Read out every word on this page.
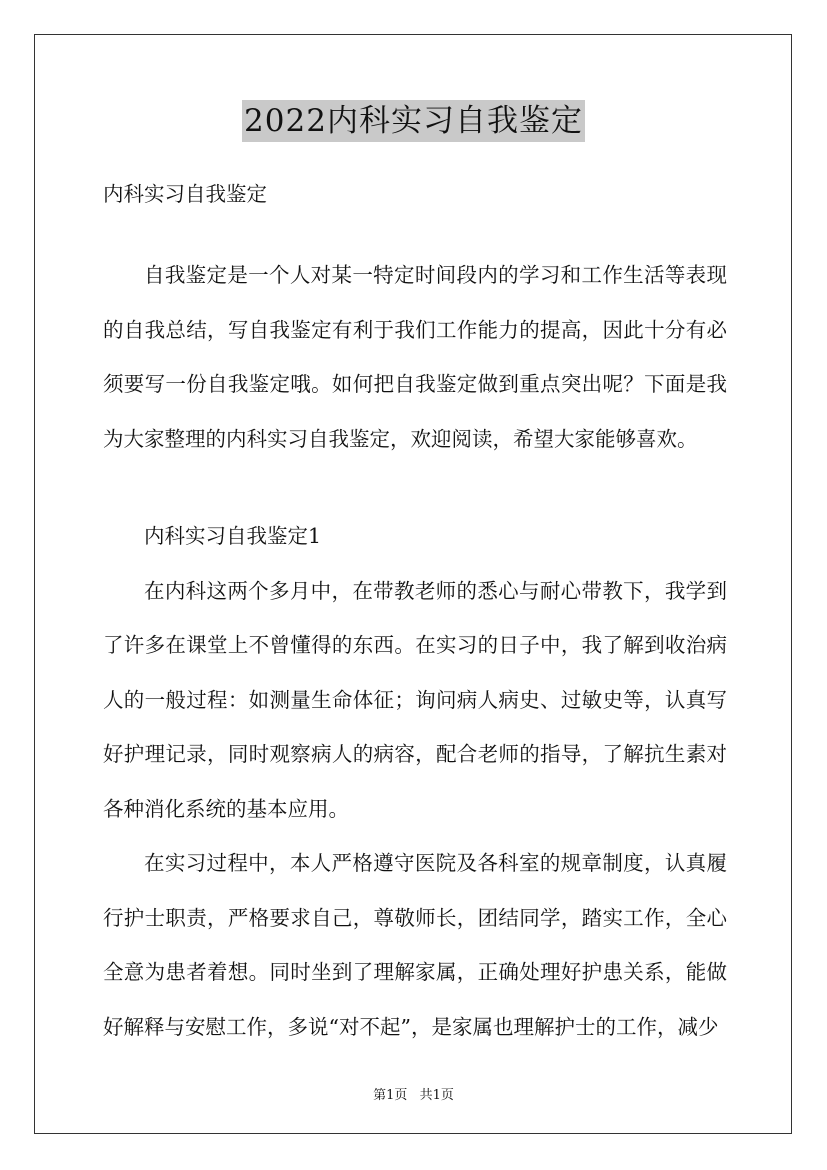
2022内科实习自我鉴定

内科实习自我鉴定

自我鉴定是一个人对某一特定时间段内的学习和工作生活等表现的自我总结，写自我鉴定有利于我们工作能力的提高，因此十分有必须要写一份自我鉴定哦。如何把自我鉴定做到重点突出呢？下面是我为大家整理的内科实习自我鉴定，欢迎阅读，希望大家能够喜欢。

内科实习自我鉴定1

在内科这两个多月中，在带教老师的悉心与耐心带教下，我学到了许多在课堂上不曾懂得的东西。在实习的日子中，我了解到收治病人的一般过程：如测量生命体征；询问病人病史、过敏史等，认真写好护理记录，同时观察病人的病容，配合老师的指导，了解抗生素对各种消化系统的基本应用。

在实习过程中，本人严格遵守医院及各科室的规章制度，认真履行护士职责，严格要求自己，尊敬师长，团结同学，踏实工作，全心全意为患者着想。同时坐到了理解家属，正确处理好护患关系，能做好解释与安慰工作，多说“对不起”，是家属也理解护士的工作，减少

第1页 共1页
